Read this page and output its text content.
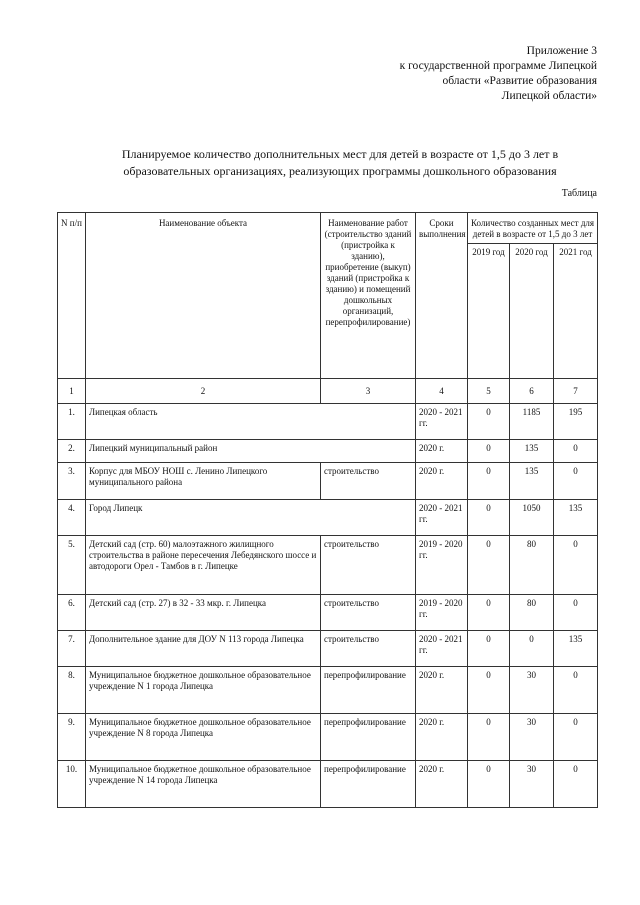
Приложение 3
к государственной программе Липецкой
области «Развитие образования
Липецкой области»
Планируемое количество дополнительных мест для детей в возрасте от 1,5 до 3 лет в
образовательных организациях, реализующих программы дошкольного образования
Таблица
N п/п	Наименование объекта	Наименование работ (строительство зданий (пристройка к зданию), приобретение (выкуп) зданий (пристройка к зданию) и помещений дошкольных организаций, перепрофилирование)	Сроки выполнения	Количество созданных мест для детей в возрасте от 1,5 до 3 лет		
				2019 год	2020 год	2021 год
1	2	3	4	5	6	7
1.	Липецкая область		2020 - 2021 гг.	0	1185	195
2.	Липецкий муниципальный район		2020 г.	0	135	0
3.	Корпус для МБОУ НОШ с. Ленино Липецкого муниципального района	строительство	2020 г.	0	135	0
4.	Город Липецк		2020 - 2021 гг.	0	1050	135
5.	Детский сад (стр. 60) малоэтажного жилищного строительства в районе пересечения Лебедянского шоссе и автодороги Орел - Тамбов в г. Липецке	строительство	2019 - 2020 гг.	0	80	0
6.	Детский сад (стр. 27) в 32 - 33 мкр. г. Липецка	строительство	2019 - 2020 гг.	0	80	0
7.	Дополнительное здание для ДОУ N 113 города Липецка	строительство	2020 - 2021 гг.	0	0	135
8.	Муниципальное бюджетное дошкольное образовательное учреждение N 1 города Липецка	перепрофилирование	2020 г.	0	30	0
9.	Муниципальное бюджетное дошкольное образовательное учреждение N 8 города Липецка	перепрофилирование	2020 г.	0	30	0
10.	Муниципальное бюджетное дошкольное образовательное учреждение N 14 города Липецка	перепрофилирование	2020 г.	0	30	0
